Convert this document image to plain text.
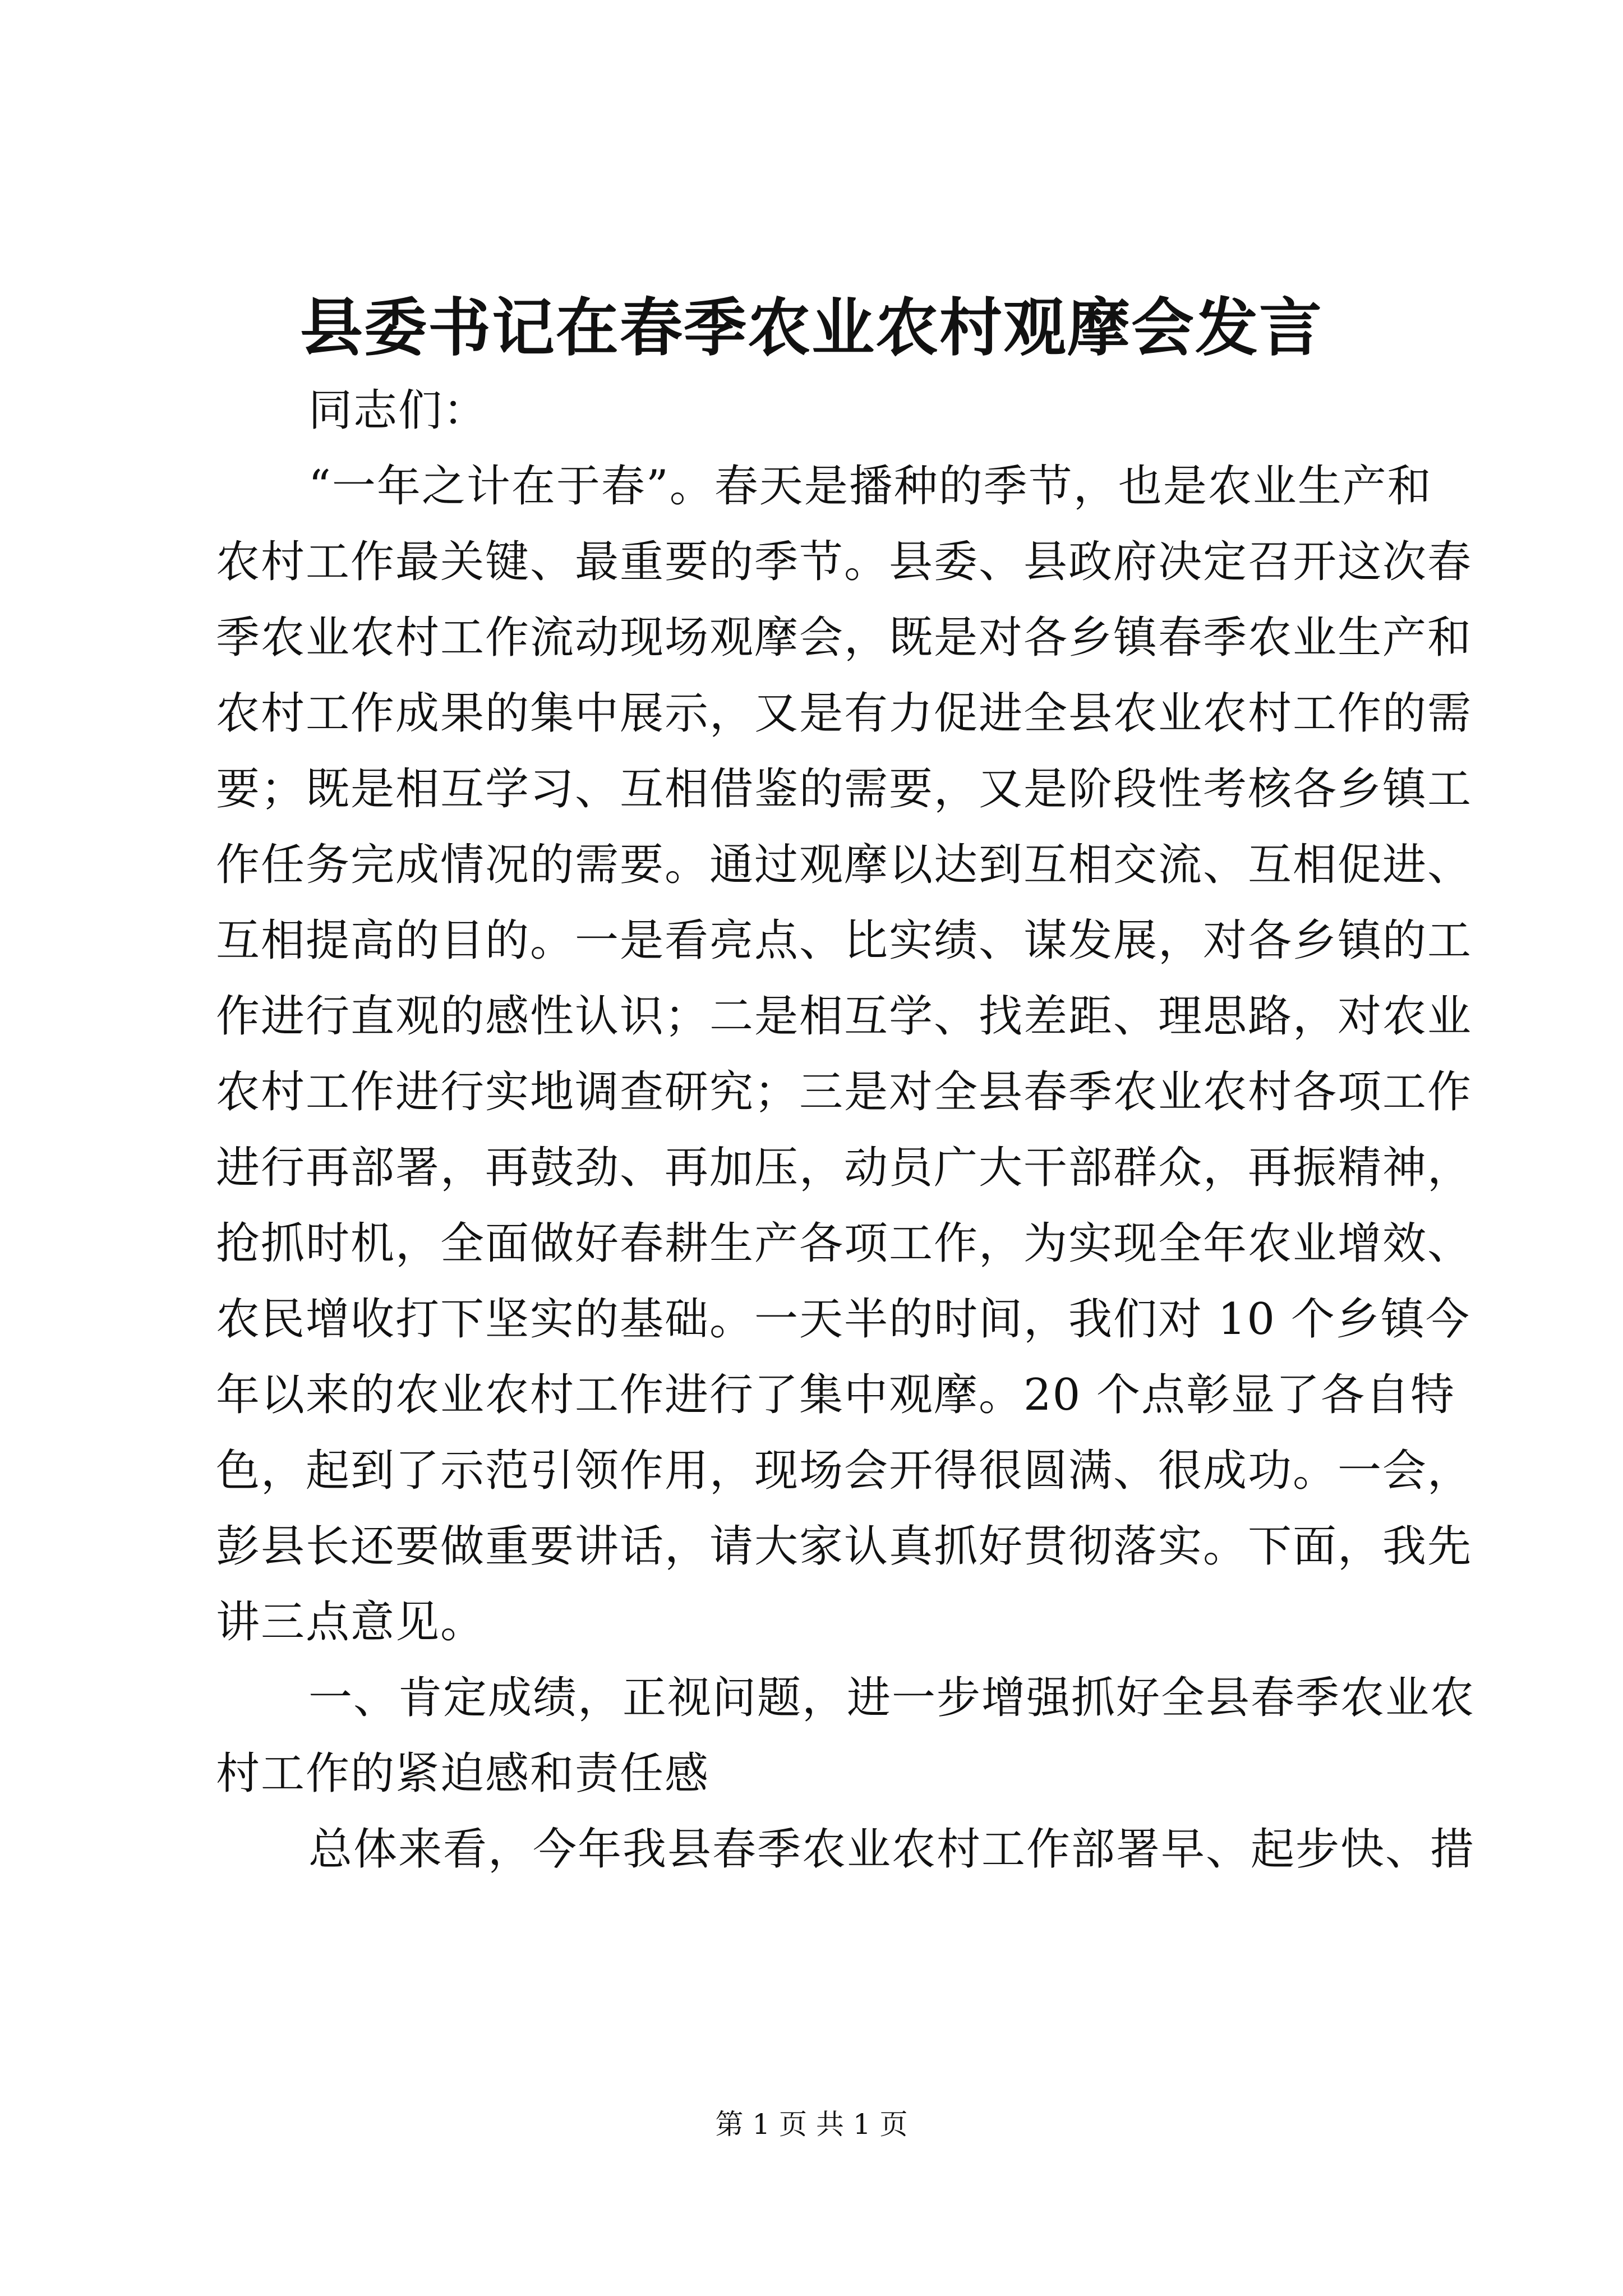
县委书记在春季农业农村观摩会发言
同志们：
“一年之计在于春”。春天是播种的季节，也是农业生产和
农村工作最关键、最重要的季节。县委、县政府决定召开这次春
季农业农村工作流动现场观摩会，既是对各乡镇春季农业生产和
农村工作成果的集中展示，又是有力促进全县农业农村工作的需
要；既是相互学习、互相借鉴的需要，又是阶段性考核各乡镇工
作任务完成情况的需要。通过观摩以达到互相交流、互相促进、
互相提高的目的。一是看亮点、比实绩、谋发展，对各乡镇的工
作进行直观的感性认识；二是相互学、找差距、理思路，对农业
农村工作进行实地调查研究；三是对全县春季农业农村各项工作
进行再部署，再鼓劲、再加压，动员广大干部群众，再振精神，
抢抓时机，全面做好春耕生产各项工作，为实现全年农业增效、
农民增收打下坚实的基础。一天半的时间，我们对 10 个乡镇今
年以来的农业农村工作进行了集中观摩。20 个点彰显了各自特
色，起到了示范引领作用，现场会开得很圆满、很成功。一会，
彭县长还要做重要讲话，请大家认真抓好贯彻落实。下面，我先
讲三点意见。
一、肯定成绩，正视问题，进一步增强抓好全县春季农业农
村工作的紧迫感和责任感
总体来看，今年我县春季农业农村工作部署早、起步快、措
第 1 页 共 1 页
